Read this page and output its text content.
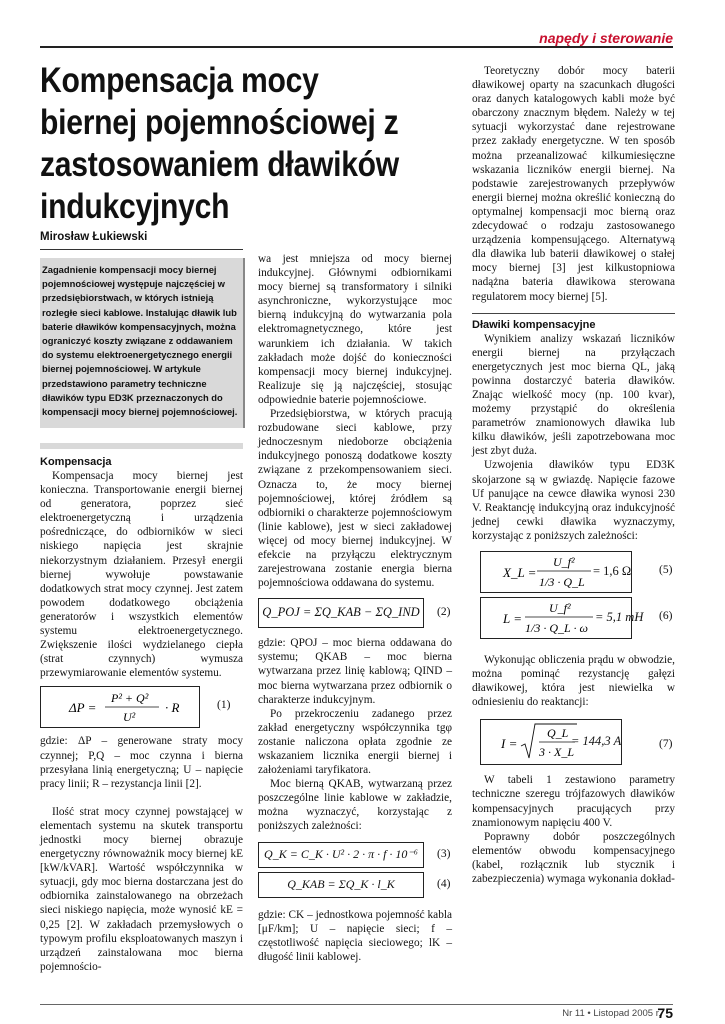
napędy i sterowanie
Kompensacja mocy biernej pojemnościowej z zastosowaniem dławików indukcyjnych
Mirosław Łukiewski
Zagadnienie kompensacji mocy biernej pojemnościowej występuje najczęściej w przedsiębiorstwach, w których istnieją rozległe sieci kablowe. Instalując dławik lub baterie dławików kompensacyjnych, można ograniczyć koszty związane z oddawaniem do systemu elektroenergetycznego energii biernej pojemnościowej. W artykule przedstawiono parametry techniczne dławików typu ED3K przeznaczonych do kompensacji mocy biernej pojemnościowej.

Kompensacja

Kompensacja mocy biernej jest konieczna. Transportowanie energii biernej od generatora, poprzez sieć elektroenergetyczną i urządzenia pośredniczące, do odbiorników w sieci niskiego napięcia jest skrajnie niekorzystnym działaniem. Przesył energii biernej wywołuje powstawanie dodatkowych strat mocy czynnej. Jest zatem powodem dodatkowego obciążenia generatorów i wszystkich elementów systemu elektroenergetycznego. Zwiększenie ilości wydzielanego ciepła (strat czynnych) wymusza przewymiarowanie elementów systemu.

ΔP =
P² + Q²
U²
· R	(1)

gdzie: ΔP – generowane straty mocy czynnej; P,Q – moc czynna i bierna przesyłana linią energetyczną; U – napięcie pracy linii; R – rezystancja linii [2].

Ilość strat mocy czynnej powstającej w elementach systemu na skutek transportu jednostki mocy biernej obrazuje energetyczny równoważnik mocy biernej kE [kW/kVAR]. Wartość współczynnika w sytuacji, gdy moc bierna dostarczana jest do odbiornika zainstalowanego na obrzeżach sieci niskiego napięcia, może wynosić kE = 0,25 [2]. W zakładach przemysłowych o typowym profilu eksploatowanych maszyn i urządzeń zainstalowana moc bierna pojemnościo-

wa jest mniejsza od mocy biernej indukcyjnej. Głównymi odbiornikami mocy biernej są transformatory i silniki asynchroniczne, wykorzystujące moc bierną indukcyjną do wytwarzania pola elektromagnetycznego, które jest warunkiem ich działania. W takich zakładach może dojść do konieczności kompensacji mocy biernej indukcyjnej. Realizuje się ją najczęściej, stosując odpowiednie baterie pojemnościowe.

Przedsiębiorstwa, w których pracują rozbudowane sieci kablowe, przy jednoczesnym niedoborze obciążenia indukcyjnego ponoszą dodatkowe koszty związane z przekompensowaniem sieci. Oznacza to, że mocy biernej pojemnościowej, której źródłem są odbiorniki o charakterze pojemnościowym (linie kablowe), jest w sieci zakładowej więcej od mocy biernej indukcyjnej. W efekcie na przyłączu elektrycznym zarejestrowana zostanie energia bierna pojemnościowa oddawana do systemu.

Q_POJ = ΣQ_KAB − ΣQ_IND (2)

gdzie: QPOJ – moc bierna oddawana do systemu; QKAB – moc bierna wytwarzana przez linię kablową; QIND – moc bierna wytwarzana przez odbiornik o charakterze indukcyjnym.

Po przekroczeniu zadanego przez zakład energetyczny współczynnika tgφ zostanie naliczona opłata zgodnie ze wskazaniem licznika energii biernej i założeniami taryfikatora.

Moc bierną QKAB, wytwarzaną przez poszczególne linie kablowe w zakładzie, można wyznaczyć, korzystając z poniższych zależności:

Q_K = C_K · U² · 2 · π · f · 10⁻⁶	(3)
Q_KAB = ΣQ_K · l_K	(4)

gdzie: CK – jednostkowa pojemność kabla [μF/km]; U – napięcie sieci; f – częstotliwość napięcia sieciowego; lK – długość linii kablowej.

Teoretyczny dobór mocy baterii dławikowej oparty na szacunkach długości oraz danych katalogowych kabli może być obarczony znacznym błędem. Należy w tej sytuacji wykorzystać dane rejestrowane przez zakłady energetyczne. W ten sposób można przeanalizować kilkumiesięczne wskazania liczników energii biernej. Na podstawie zarejestrowanych przepływów energii biernej można określić konieczną do optymalnej kompensacji moc bierną oraz zdecydować o rodzaju zastosowanego urządzenia kompensującego. Alternatywą dla dławika lub baterii dławikowej o stałej mocy biernej [3] jest kilkustopniowa nadążna bateria dławikowa sterowana regulatorem mocy biernej [5].

Dławiki kompensacyjne

Wynikiem analizy wskazań liczników energii biernej na przyłączach energetycznych jest moc bierna QL, jaką powinna dostarczyć bateria dławików. Znając wielkość mocy (np. 100 kvar), możemy przystąpić do określenia parametrów znamionowych dławika lub kilku dławików, jeśli zapotrzebowana moc jest zbyt duża.

Uzwojenia dławików typu ED3K skojarzone są w gwiazdę. Napięcie fazowe Uf panujące na cewce dławika wynosi 230 V. Reaktancję indukcyjną oraz indukcyjność jednej cewki dławika wyznaczymy, korzystając z poniższych zależności:

X_L =
U_f²
1/3 · Q_L
= 1,6 Ω (5)
L =
U_f²
1/3 · Q_L · ω
= 5,1 mH (6)

Wykonując obliczenia prądu w obwodzie, można pominąć rezystancję gałęzi dławikowej, która jest niewielka w odniesieniu do reaktancji:

I =
Q_L
3 · X_L
= 144,3 A	(7)

W tabeli 1 zestawiono parametry techniczne szeregu trójfazowych dławików kompensacyjnych pracujących przy znamionowym napięciu 400 V.

Poprawny dobór poszczególnych elementów obwodu kompensacyjnego (kabel, rozłącznik lub stycznik i zabezpieczenia) wymaga wykonania dokład-

Nr 11 • Listopad 2005 r.
75
